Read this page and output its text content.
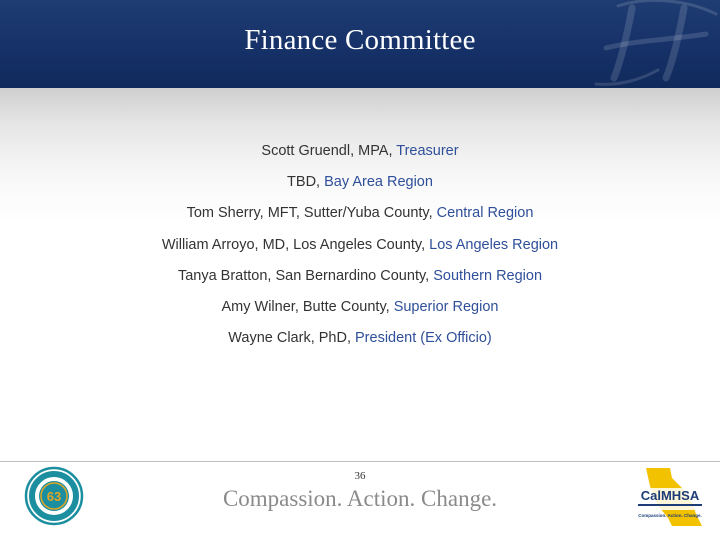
Finance Committee
Scott Gruendl, MPA, Treasurer
TBD, Bay Area Region
Tom Sherry, MFT, Sutter/Yuba County, Central Region
William Arroyo, MD, Los Angeles County, Los Angeles Region
Tanya Bratton, San Bernardino County, Southern Region
Amy Wilner, Butte County, Superior Region
Wayne Clark, PhD, President (Ex Officio)
36
Compassion. Action. Change.
63	CalMHSA
Compassion. Action. Change.
